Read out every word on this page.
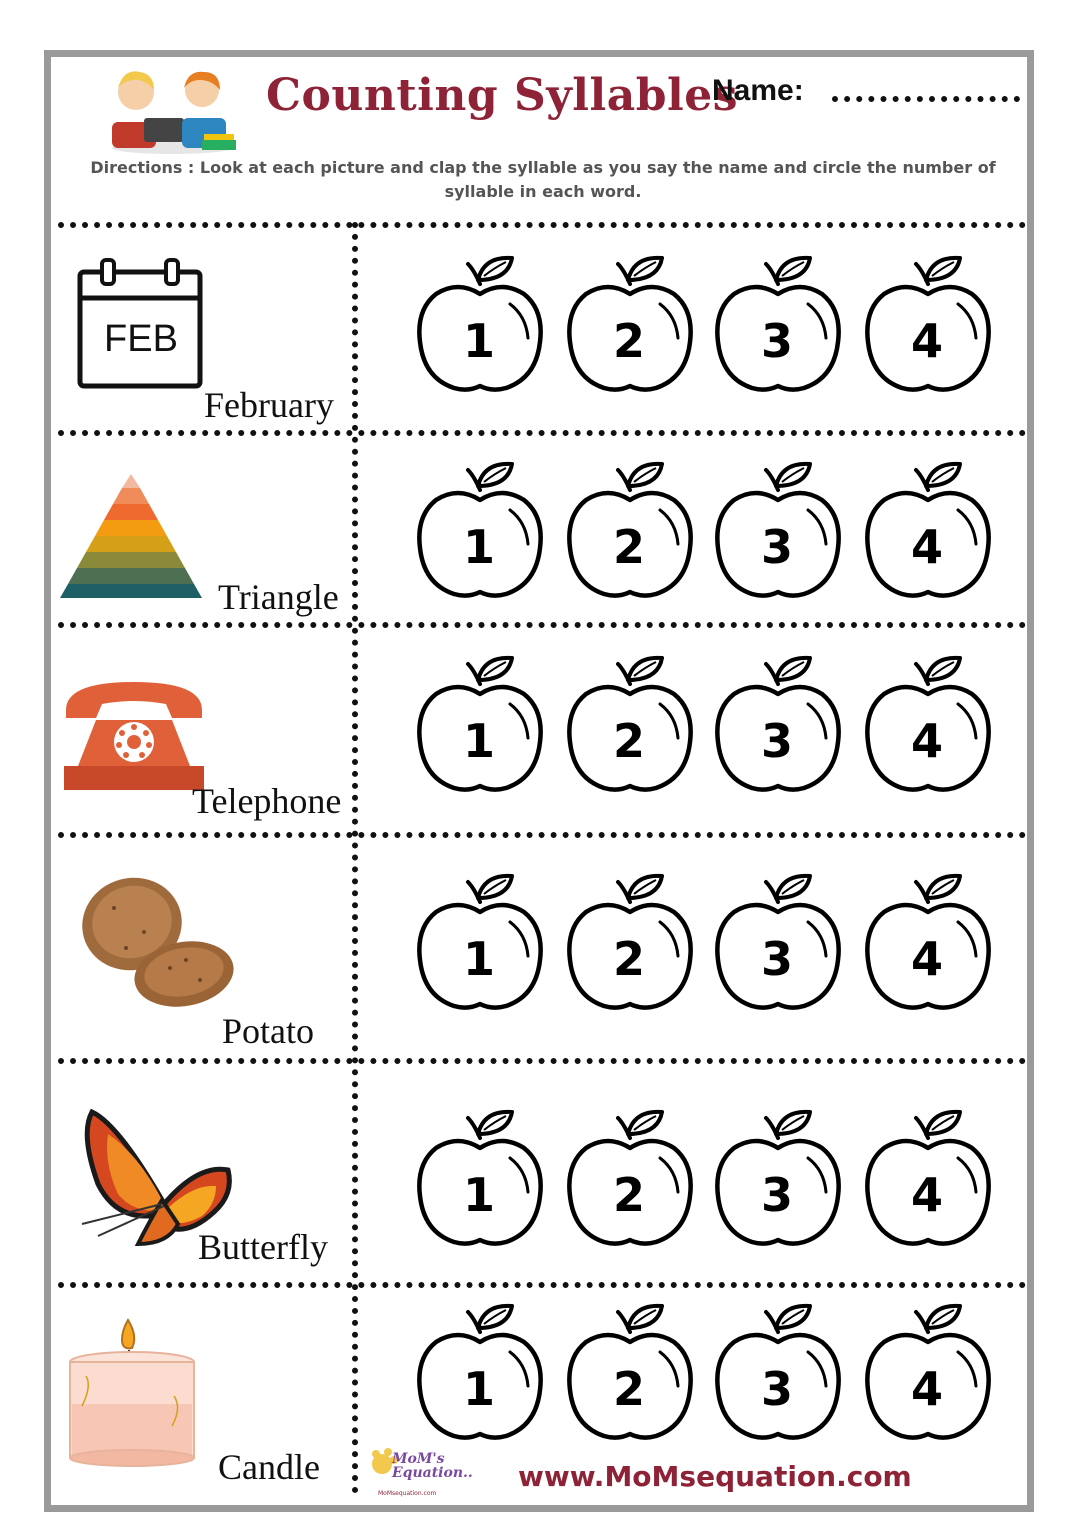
Counting Syllables
Name:
Directions : Look at each picture and clap the syllable as you say the name and circle the number of syllable in each word.
FEB
February
Triangle
Telephone
Potato
Butterfly
Candle
1	2	3	4
1	2	3	4
1	2	3	4
1	2	3	4
1	2	3	4
1	2	3	4
MoM's
Equation..
MoMsequation.com
www.MoMsequation.com
